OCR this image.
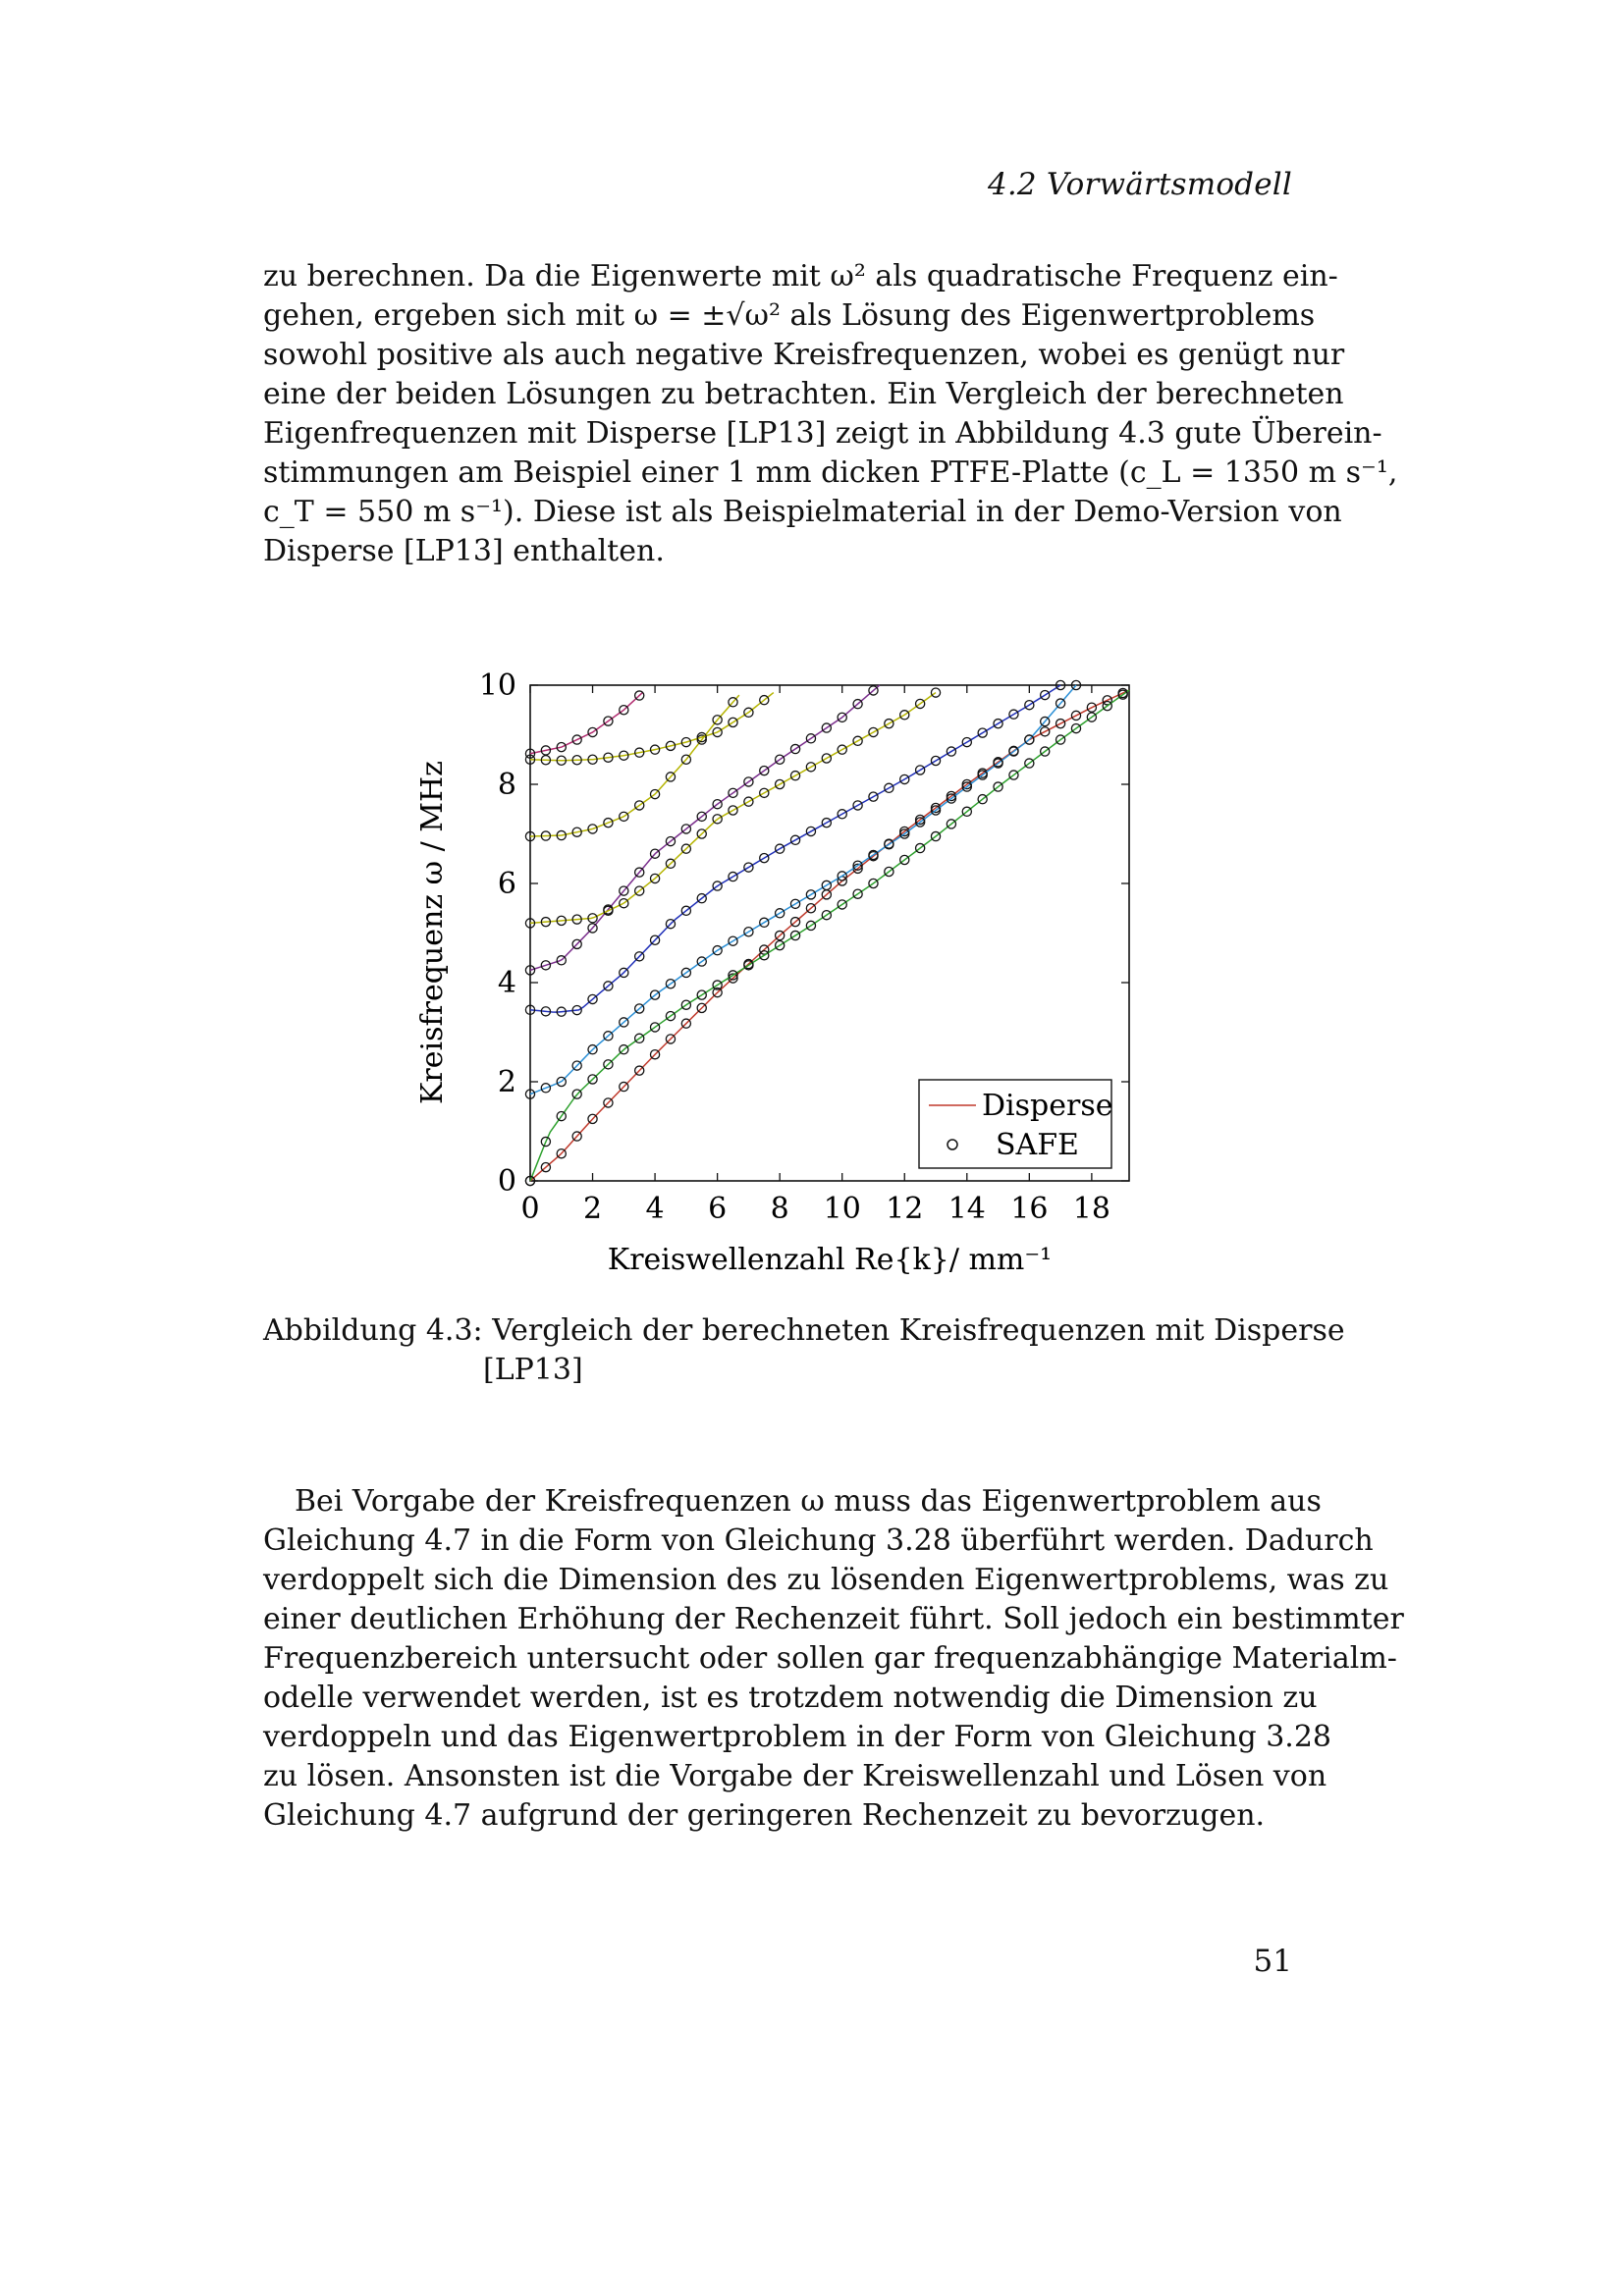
4.2 Vorwärtsmodell
zu berechnen. Da die Eigenwerte mit ω² als quadratische Frequenz ein-
gehen, ergeben sich mit ω = ±√ω² als Lösung des Eigenwertproblems
sowohl positive als auch negative Kreisfrequenzen, wobei es genügt nur
eine der beiden Lösungen zu betrachten. Ein Vergleich der berechneten
Eigenfrequenzen mit Disperse [LP13] zeigt in Abbildung 4.3 gute Überein-
stimmungen am Beispiel einer 1 mm dicken PTFE-Platte (c_L = 1350 m s⁻¹,
c_T = 550 m s⁻¹). Diese ist als Beispielmaterial in der Demo-Version von
Disperse [LP13] enthalten.
0 2 4 6 8 10 12 14 16 18
0
2
4
6
8
10
Kreisfrequenz ω / MHz
Kreiswellenzahl Re{k}/ mm⁻¹
Disperse
SAFE
Abbildung 4.3: Vergleich der berechneten Kreisfrequenzen mit Disperse
[LP13]
Bei Vorgabe der Kreisfrequenzen ω muss das Eigenwertproblem aus
Gleichung 4.7 in die Form von Gleichung 3.28 überführt werden. Dadurch
verdoppelt sich die Dimension des zu lösenden Eigenwertproblems, was zu
einer deutlichen Erhöhung der Rechenzeit führt. Soll jedoch ein bestimmter
Frequenzbereich untersucht oder sollen gar frequenzabhängige Materialm-
odelle verwendet werden, ist es trotzdem notwendig die Dimension zu
verdoppeln und das Eigenwertproblem in der Form von Gleichung 3.28
zu lösen. Ansonsten ist die Vorgabe der Kreiswellenzahl und Lösen von
Gleichung 4.7 aufgrund der geringeren Rechenzeit zu bevorzugen.
51
